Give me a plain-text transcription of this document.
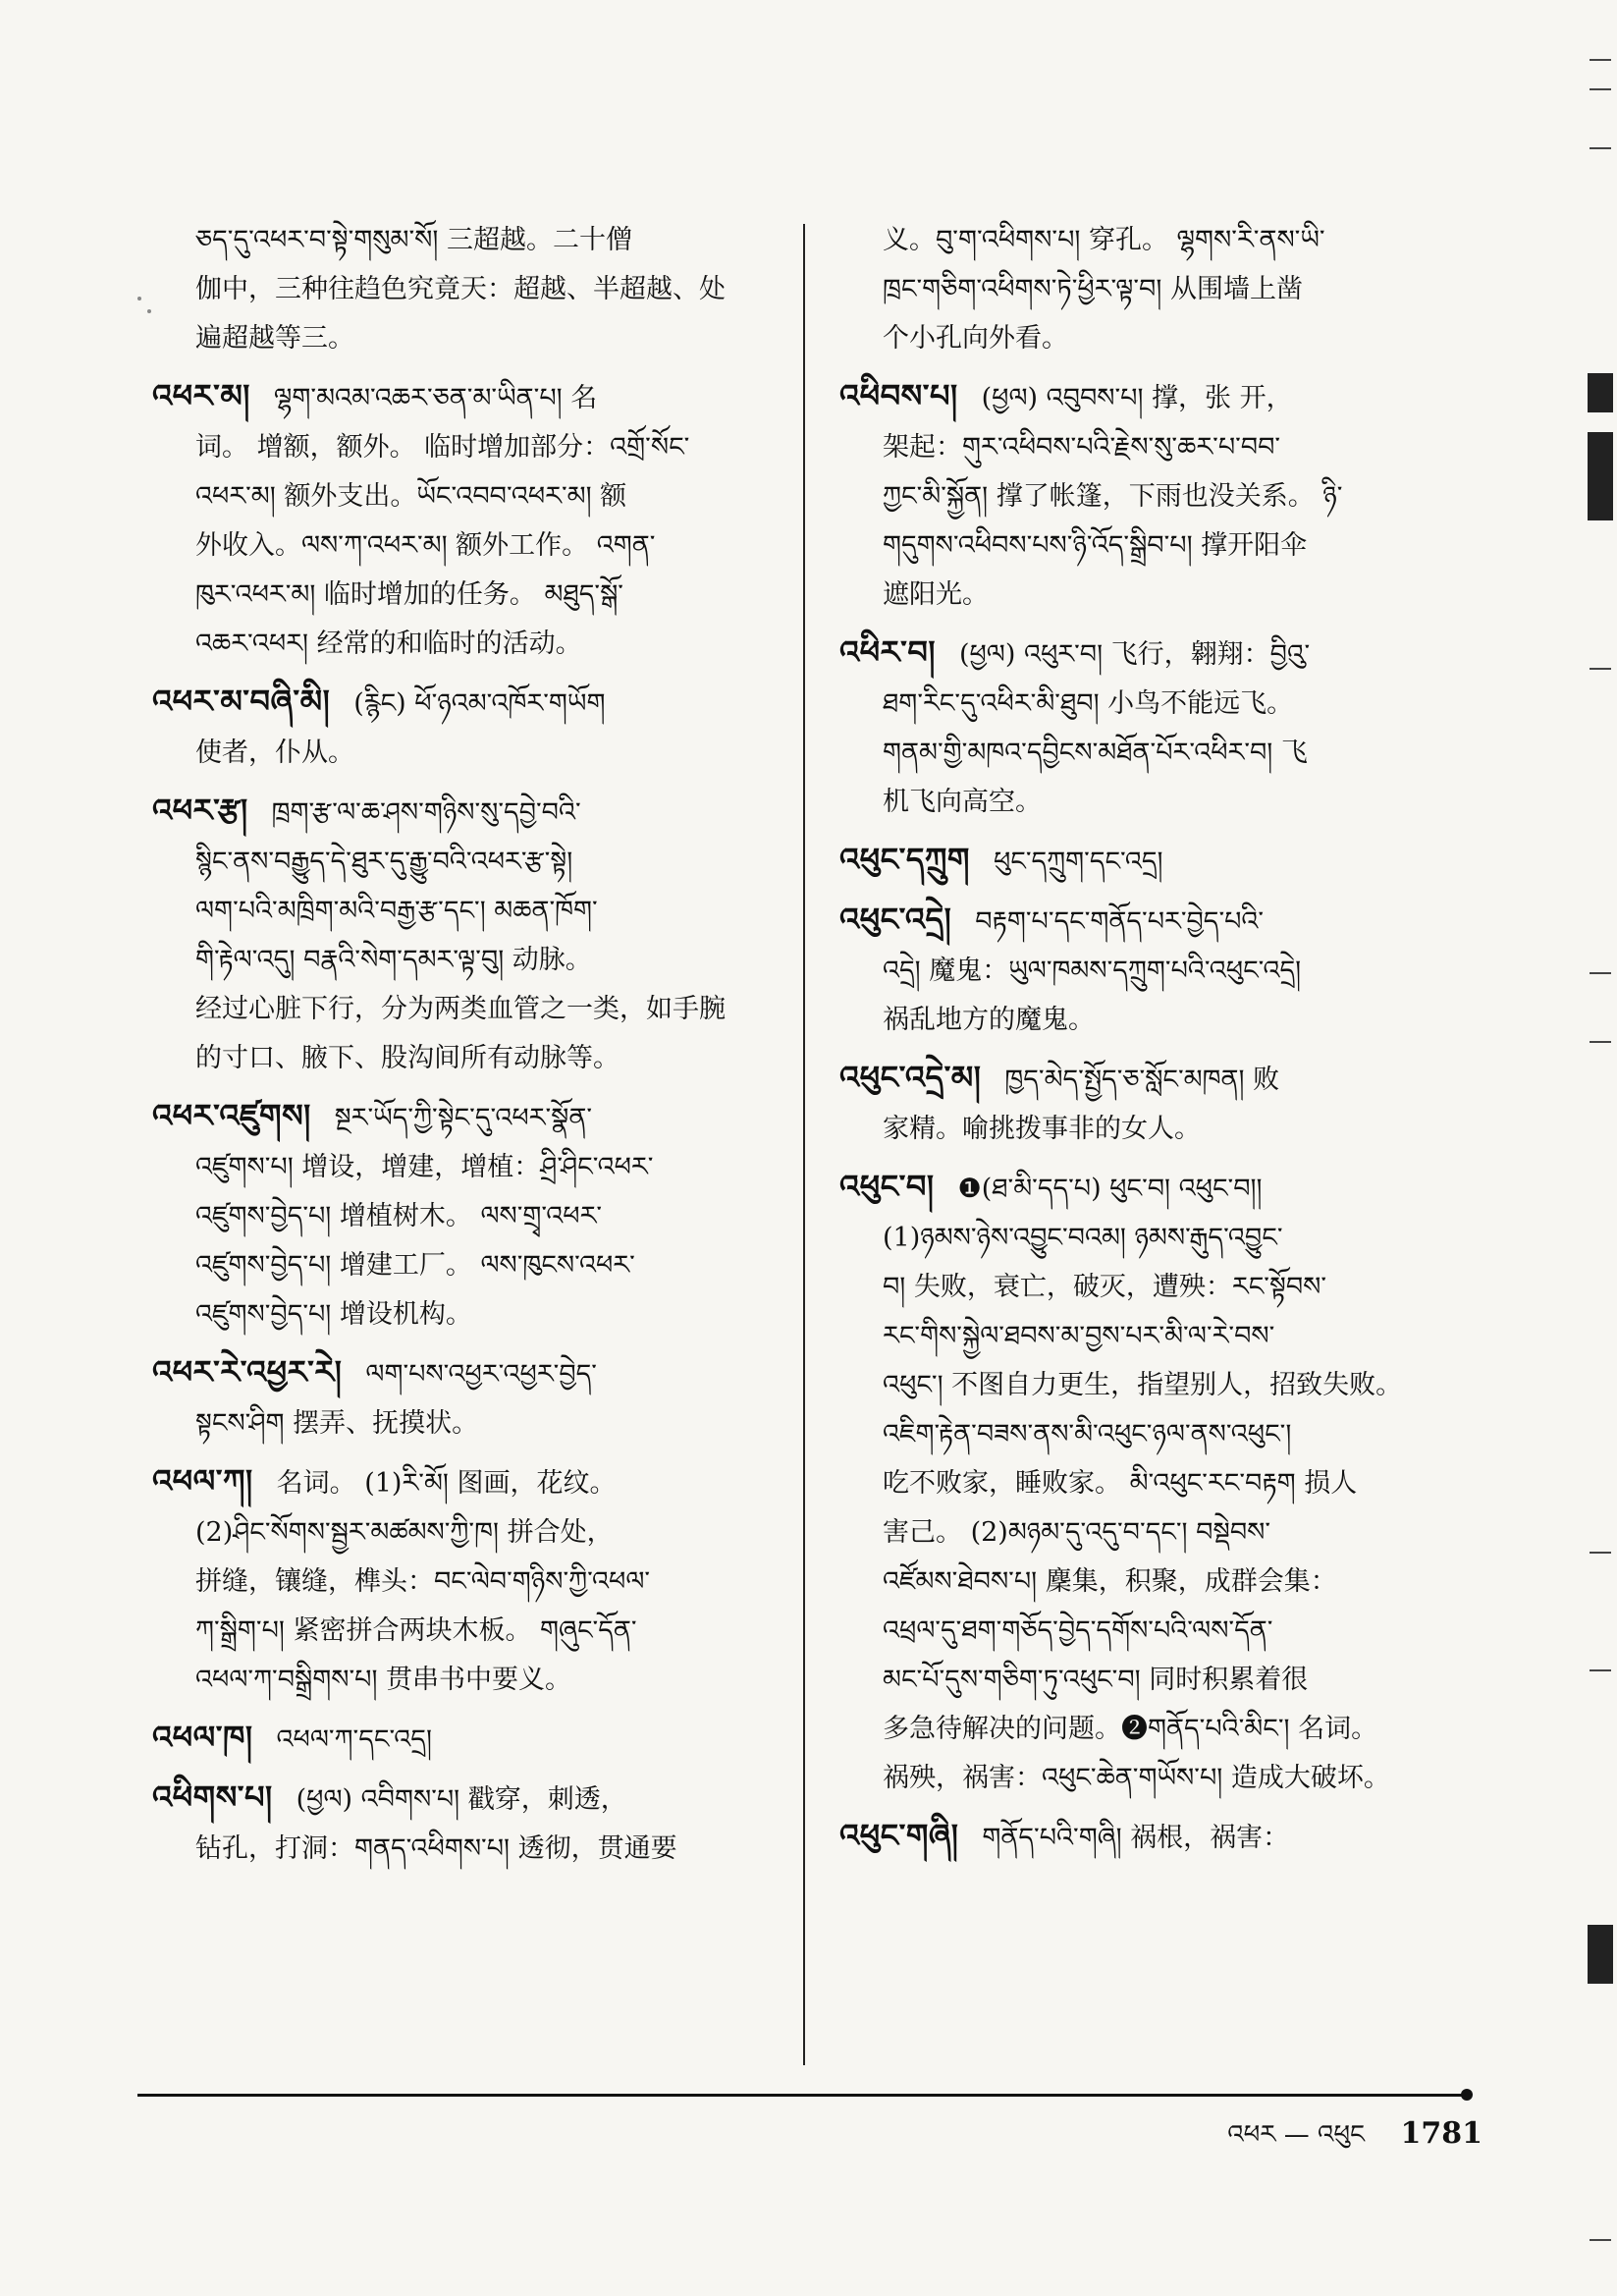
ཅད་དུ་འཕར་བ་སྟེ་གསུམ་སོ། 三超越。二十僧

伽中，三种往趋色究竟天：超越、半超越、处

遍超越等三。

འཕར་མ། ལྷག་མའམ་འཆར་ཅན་མ་ཡིན་པ། 名

词。 增额，额外。 临时增加部分：འགྲོ་སོང་

འཕར་མ། 额外支出。ཡོང་འབབ་འཕར་མ། 额

外收入。ལས་ཀ་འཕར་མ། 额外工作。 འགན་

ཁུར་འཕར་མ། 临时增加的任务。 མཐུད་སྒོ་

འཆར་འཕར། 经常的和临时的活动。

འཕར་མ་བཞི་མི། (རྙིང) ཕོ་ཉའམ་འཁོར་གཡོག

使者，仆从。

འཕར་རྩ། ཁྲག་རྩ་ལ་ཆ་ཤས་གཉིས་སུ་དབྱེ་བའི་

སྙིང་ནས་བརྒྱུད་དེ་ཐུར་དུ་རྒྱུ་བའི་འཕར་རྩ་སྟེ།

ལག་པའི་མཁྲིག་མའི་བརྒྱ་རྩ་དང་། མཆན་ཁོག་

གི་རྟེལ་འདུ། བརྣའི་སེག་དམར་ལྟ་བུ། 动脉。

经过心脏下行，分为两类血管之一类，如手腕

的寸口、腋下、股沟间所有动脉等。

འཕར་འཛུགས། སྔར་ཡོད་ཀྱི་སྟེང་དུ་འཕར་སྣོན་

འཛུགས་པ། 增设，增建，增植：ཤྲི་ཤིང་འཕར་

འཛུགས་བྱེད་པ། 增植树木。 ལས་གྲྭ་འཕར་

འཛུགས་བྱེད་པ། 增建工厂。 ལས་ཁུངས་འཕར་

འཛུགས་བྱེད་པ། 增设机构。

འཕར་རེ་འཕྱར་རེ། ལག་པས་འཕྱར་འཕྱར་བྱེད་

སྟངས་ཤིག 摆弄、抚摸状。

འཕལ་ཀ། 名词。 (1)རི་མོ། 图画，花纹。

(2)ཤིང་སོགས་སྦྱར་མཚམས་ཀྱི་ཁ། 拼合处，

拼缝，镶缝，榫头：བང་ལེབ་གཉིས་ཀྱི་འཕལ་

ཀ་སྒྲིག་པ། 紧密拼合两块木板。 གཞུང་དོན་

འཕལ་ཀ་བསྒྲིགས་པ། 贯串书中要义。

འཕལ་ཁ། འཕལ་ཀ་དང་འདྲ།

འཕིགས་པ། (ཕྱལ) འབིགས་པ། 戳穿，刺透，

钻孔，打洞：གནད་འཕིགས་པ། 透彻，贯通要

义。བུ་ག་འཕིགས་པ། 穿孔。 ལྷགས་རི་ནས་ཡི་

ཁྲང་གཅིག་འཕིགས་ཏེ་ཕྱིར་ལྟ་བ། 从围墙上凿

个小孔向外看。

འཕིབས་པ། (ཕྱལ) འབུབས་པ། 撑，张 开，

架起：གུར་འཕིབས་པའི་རྗེས་སུ་ཆར་པ་བབ་

ཀྱང་མི་སྐྱོན། 撑了帐篷，下雨也没关系。 ཉི་

གདུགས་འཕིབས་པས་ཉི་འོད་སྒྲིབ་པ། 撑开阳伞

遮阳光。

འཕིར་བ། (ཕྱལ) འཕུར་བ། 飞行，翱翔：བྱིའུ་

ཐག་རིང་དུ་འཕིར་མི་ཐུབ། 小鸟不能远飞。

གནམ་གྱི་མཁའ་དབྱིངས་མཐོན་པོར་འཕིར་བ། 飞

机飞向高空。

འཕུང་དཀྲུག ཕུང་དཀྲུག་དང་འདྲ།

འཕུང་འདྲེ། བརྟག་པ་དང་གནོད་པར་བྱེད་པའི་

འདྲེ། 魔鬼：ཡུལ་ཁམས་དཀྲུག་པའི་འཕུང་འདྲེ།

祸乱地方的魔鬼。

འཕུང་འདྲེ་མ། ཁྱད་མེད་སྤྱོད་ཅ་སློང་མཁན། 败

家精。喻挑拨事非的女人。

འཕུང་བ། ❶(ཐ་མི་དད་པ) ཕུང་བ། འཕུང་བ།།

(1)ཉམས་ཉེས་འབྱུང་བའམ། ཉམས་རྒུད་འབྱུང་

བ། 失败，衰亡，破灭，遭殃：རང་སྟོབས་

རང་གིས་སྐྱེལ་ཐབས་མ་བྱས་པར་མི་ལ་རེ་བས་

འཕུང་། 不图自力更生，指望别人，招致失败。

འཇིག་རྟེན་བཟས་ནས་མི་འཕུང་ཉལ་ནས་འཕུང་།

吃不败家，睡败家。 མི་འཕུང་རང་བརྟག 损人

害己。 (2)མཉམ་དུ་འདུ་བ་དང་། བསྡེབས་

འཛོམས་ཐེབས་པ། 麇集，积聚，成群会集：

འཕྲལ་དུ་ཐག་གཅོད་བྱེད་དགོས་པའི་ལས་དོན་

མང་པོ་དུས་གཅིག་ཏུ་འཕུང་བ། 同时积累着很

多急待解决的问题。❷གནོད་པའི་མིང་། 名词。

祸殃，祸害：འཕུང་ཆེན་གཡོས་པ། 造成大破坏。

འཕུང་གཞི། གནོད་པའི་གཞི། 祸根，祸害：

འཕར — འཕུང 1781
